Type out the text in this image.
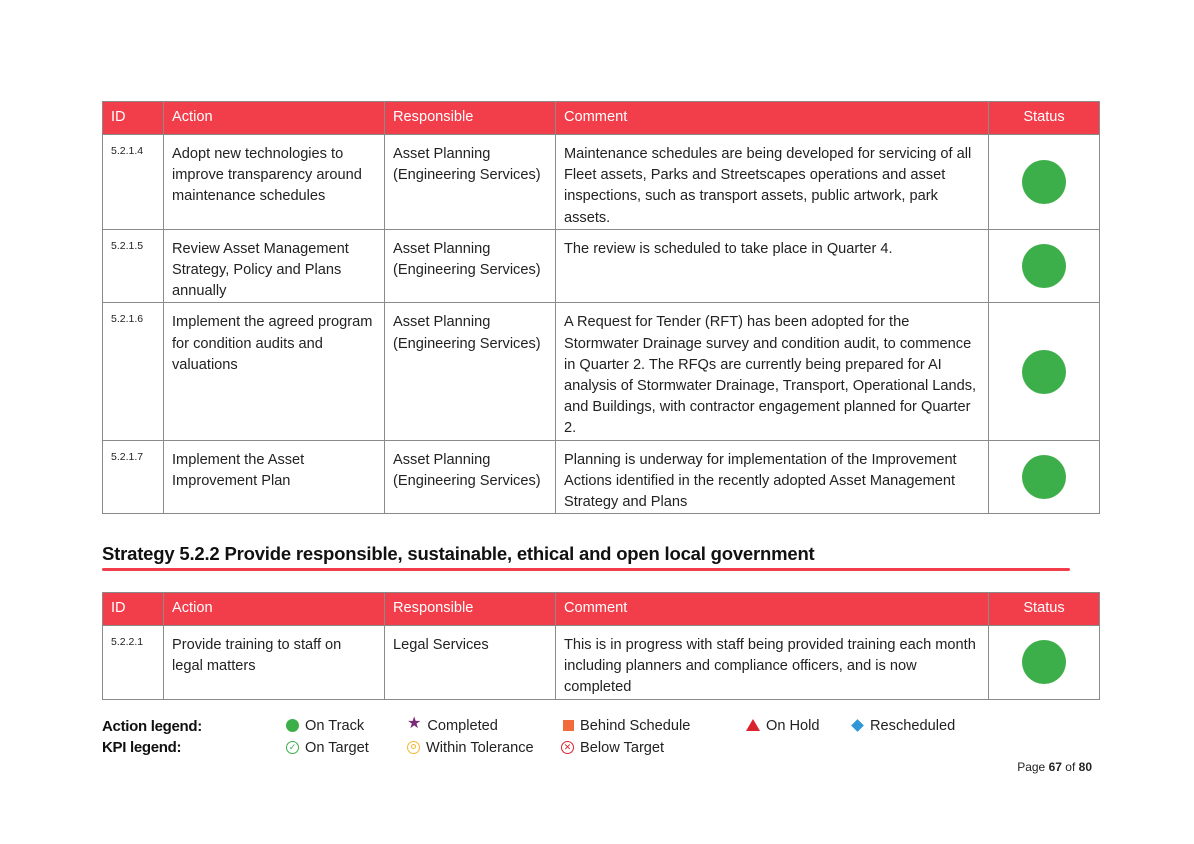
ID	Action	Responsible	Comment	Status
5.2.1.4	Adopt new technologies to improve transparency around maintenance schedules	Asset Planning (Engineering Services)	Maintenance schedules are being developed for servicing of all Fleet assets, Parks and Streetscapes operations and asset inspections, such as transport assets, public artwork, park assets.	

5.2.1.5	Review Asset Management Strategy, Policy and Plans annually	Asset Planning (Engineering Services)	The review is scheduled to take place in Quarter 4.	

5.2.1.6	Implement the agreed program for condition audits and valuations	Asset Planning (Engineering Services)	A Request for Tender (RFT) has been adopted for the Stormwater Drainage survey and condition audit, to commence in Quarter 2. The RFQs are currently being prepared for AI analysis of Stormwater Drainage, Transport, Operational Lands, and Buildings, with contractor engagement planned for Quarter 2.	

5.2.1.7	Implement the Asset Improvement Plan	Asset Planning (Engineering Services)	Planning is underway for implementation of the Improvement Actions identified in the recently adopted Asset Management Strategy and Plans	
Strategy 5.2.2 Provide responsible, sustainable, ethical and open local government
ID	Action	Responsible	Comment	Status
5.2.2.1	Provide training to staff on legal matters	Legal Services	This is in progress with staff being provided training each month including planners and compliance officers, and is now completed	
Action legend:
KPI legend:
On Track	★ Completed	Behind Schedule	On Hold	Rescheduled
✓ On Target	Within Tolerance	✕ Below Target
Page 67 of 80
